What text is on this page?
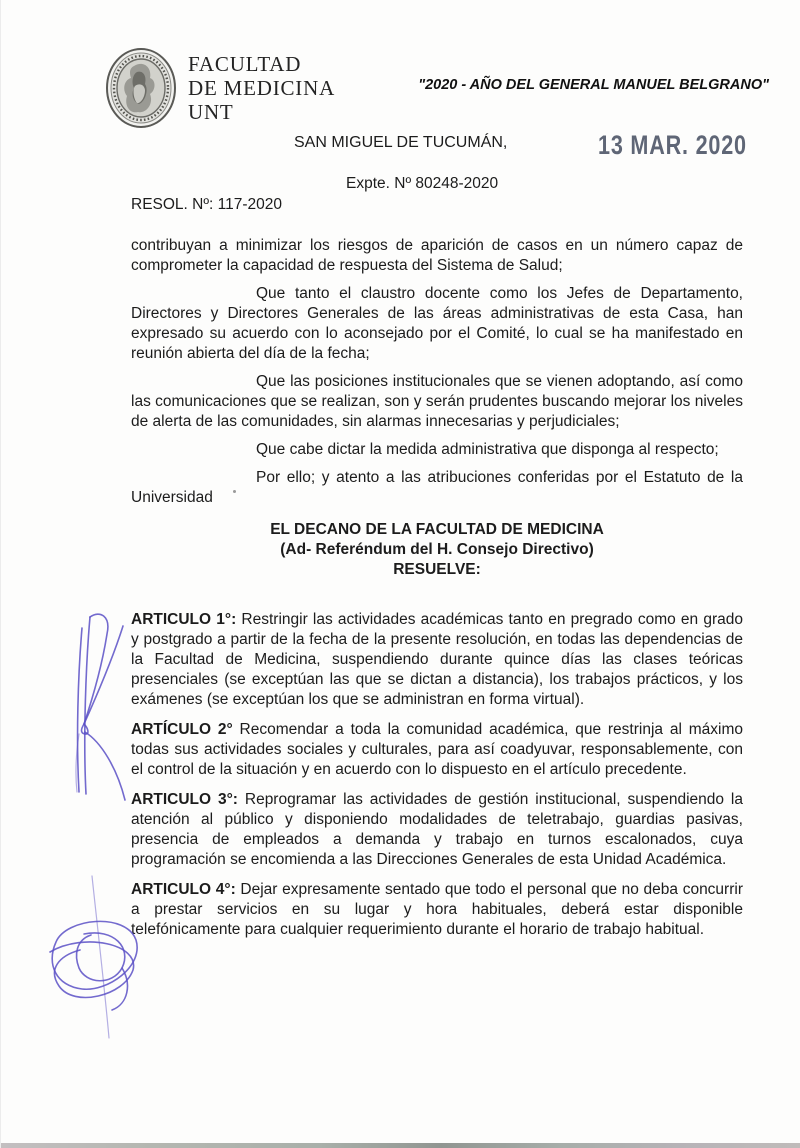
FACULTAD
DE MEDICINA
UNT
"2020 - AÑO DEL GENERAL MANUEL BELGRANO"
SAN MIGUEL DE TUCUMÁN,	13 MAR. 2020
Expte. Nº 80248-2020
RESOL. Nº: 117-2020

contribuyan a minimizar los riesgos de aparición de casos en un número capaz de comprometer la capacidad de respuesta del Sistema de Salud;

Que tanto el claustro docente como los Jefes de Departamento, Directores y Directores Generales de las áreas administrativas de esta Casa, han expresado su acuerdo con lo aconsejado por el Comité, lo cual se ha manifestado en reunión abierta del día de la fecha;

Que las posiciones institucionales que se vienen adoptando, así como las comunicaciones que se realizan, son y serán prudentes buscando mejorar los niveles de alerta de las comunidades, sin alarmas innecesarias y perjudiciales;

Que cabe dictar la medida administrativa que disponga al respecto;

Por ello; y atento a las atribuciones conferidas por el Estatuto de la Universidad

EL DECANO DE LA FACULTAD DE MEDICINA
(Ad- Referéndum del H. Consejo Directivo)
RESUELVE:

ARTICULO 1°: Restringir las actividades académicas tanto en pregrado como en grado y postgrado a partir de la fecha de la presente resolución, en todas las dependencias de la Facultad de Medicina, suspendiendo durante quince días las clases teóricas presenciales (se exceptúan las que se dictan a distancia), los trabajos prácticos, y los exámenes (se exceptúan los que se administran en forma virtual).

ARTÍCULO 2° Recomendar a toda la comunidad académica, que restrinja al máximo todas sus actividades sociales y culturales, para así coadyuvar, responsablemente, con el control de la situación y en acuerdo con lo dispuesto en el artículo precedente.

ARTICULO 3°: Reprogramar las actividades de gestión institucional, suspendiendo la atención al público y disponiendo modalidades de teletrabajo, guardias pasivas, presencia de empleados a demanda y trabajo en turnos escalonados, cuya programación se encomienda a las Direcciones Generales de esta Unidad Académica.

ARTICULO 4°: Dejar expresamente sentado que todo el personal que no deba concurrir a prestar servicios en su lugar y hora habituales, deberá estar disponible telefónicamente para cualquier requerimiento durante el horario de trabajo habitual.
